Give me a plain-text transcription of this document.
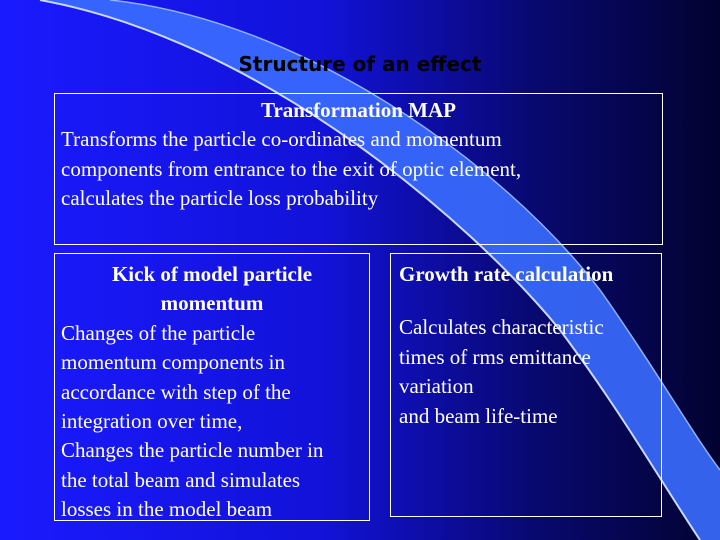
Structure of an effect
Transformation MAP
Transforms the particle co-ordinates and momentum
components from entrance to the exit of optic element,
calculates the particle loss probability
Kick of model particle
momentum
Changes of the particle
momentum components in
accordance with step of the
integration over time,
Changes the particle number in
the total beam and simulates
losses in the model beam
Growth rate calculation
Calculates characteristic
times of rms emittance
variation
and beam life-time
